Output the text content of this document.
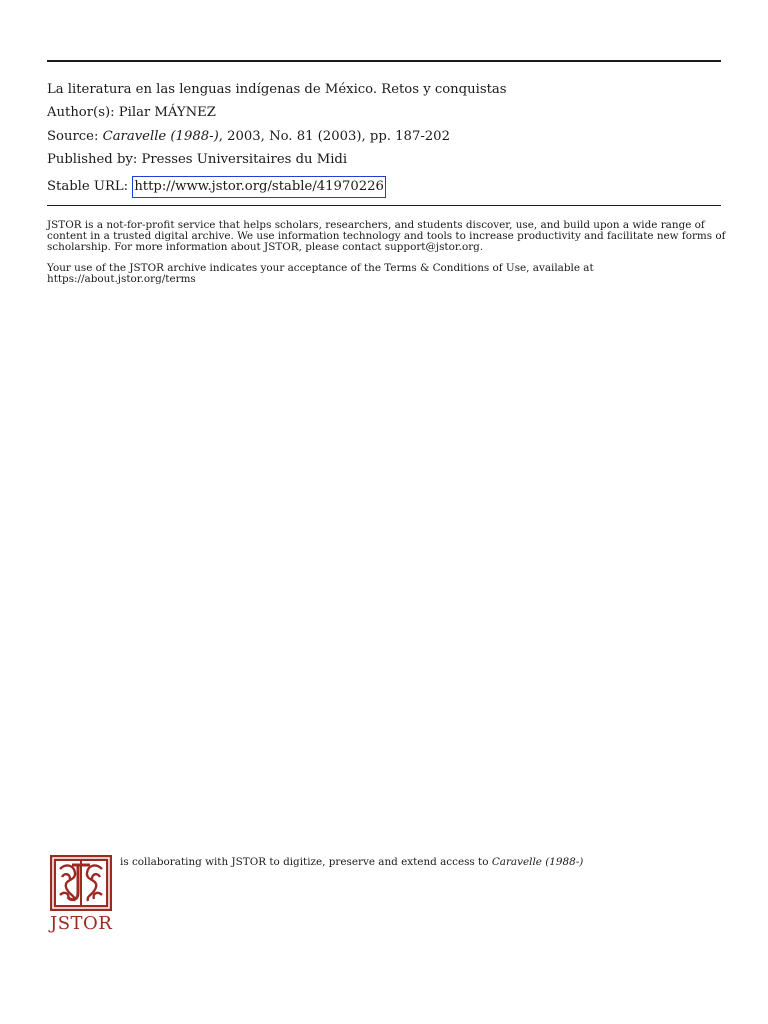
La literatura en las lenguas indígenas de México. Retos y conquistas
Author(s): Pilar MÁYNEZ
Source: Caravelle (1988-), 2003, No. 81 (2003), pp. 187-202
Published by: Presses Universitaires du Midi
Stable URL: http://www.jstor.org/stable/41970226
JSTOR is a not-for-profit service that helps scholars, researchers, and students discover, use, and build upon a wide range of content in a trusted digital archive. We use information technology and tools to increase productivity and facilitate new forms of scholarship. For more information about JSTOR, please contact support@jstor.org.
Your use of the JSTOR archive indicates your acceptance of the Terms & Conditions of Use, available at https://about.jstor.org/terms
JSTOR
is collaborating with JSTOR to digitize, preserve and extend access to Caravelle (1988-)
